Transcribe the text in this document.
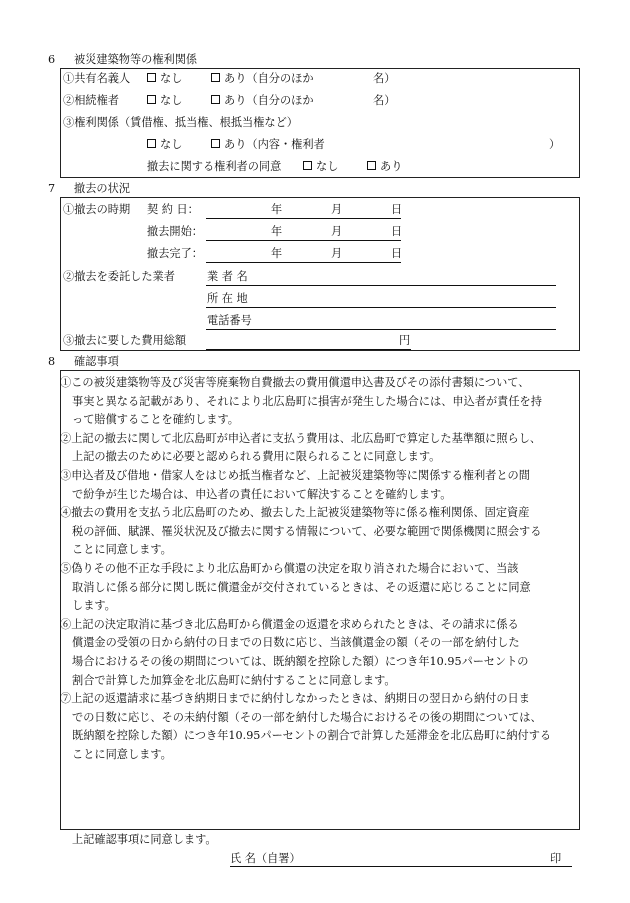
6 被災建築物等の権利関係
①共有名義人	なし	あり（自分のほか	名）
②相続権者	なし	あり（自分のほか	名）
③権利関係（賃借権、抵当権、根抵当権など）
なし	あり（内容・権利者	）
撤去に関する権利者の同意	なし	あり
7 撤去の状況
①撤去の時期 契 約 日：	年	月	日
撤去開始：	年	月	日
撤去完了：	年	月	日
②撤去を委託した業者	業 者 名
所 在 地
電話番号
③撤去に要した費用総額	円
8 確認事項
①この被災建築物等及び災害等廃棄物自費撤去の費用償還申込書及びその添付書類について、
事実と異なる記載があり、それにより北広島町に損害が発生した場合には、申込者が責任を持
って賠償することを確約します。
②上記の撤去に関して北広島町が申込者に支払う費用は、北広島町で算定した基準額に照らし、
上記の撤去のために必要と認められる費用に限られることに同意します。
③申込者及び借地・借家人をはじめ抵当権者など、上記被災建築物等に関係する権利者との間
で紛争が生じた場合は、申込者の責任において解決することを確約します。
④撤去の費用を支払う北広島町のため、撤去した上記被災建築物等に係る権利関係、固定資産
税の評価、賦課、罹災状況及び撤去に関する情報について、必要な範囲で関係機関に照会する
ことに同意します。
⑤偽りその他不正な手段により北広島町から償還の決定を取り消された場合において、当該
取消しに係る部分に関し既に償還金が交付されているときは、その返還に応じることに同意
します。
⑥上記の決定取消に基づき北広島町から償還金の返還を求められたときは、その請求に係る
償還金の受領の日から納付の日までの日数に応じ、当該償還金の額（その一部を納付した
場合におけるその後の期間については、既納額を控除した額）につき年10.95パーセントの
割合で計算した加算金を北広島町に納付することに同意します。
⑦上記の返還請求に基づき納期日までに納付しなかったときは、納期日の翌日から納付の日ま
での日数に応じ、その未納付額（その一部を納付した場合におけるその後の期間については、
既納額を控除した額）につき年10.95パーセントの割合で計算した延滞金を北広島町に納付する
ことに同意します。
上記確認事項に同意します。
氏 名（自署）	印
